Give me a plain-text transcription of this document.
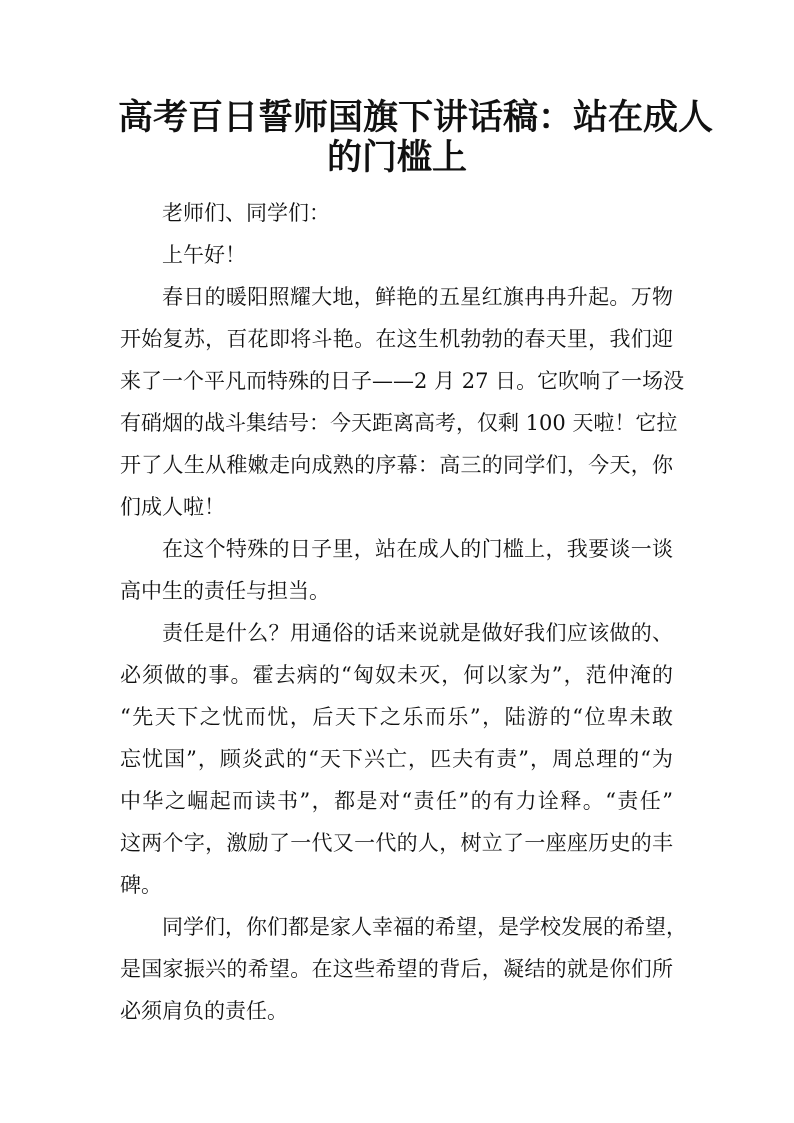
高考百日誓师国旗下讲话稿：站在成人
的门槛上
老师们、同学们：
上午好！
春日的暖阳照耀大地，鲜艳的五星红旗冉冉升起。万物
开始复苏，百花即将斗艳。在这生机勃勃的春天里，我们迎
来了一个平凡而特殊的日子——2 月 27 日。它吹响了一场没
有硝烟的战斗集结号：今天距离高考，仅剩 100 天啦！它拉
开了人生从稚嫩走向成熟的序幕：高三的同学们，今天，你
们成人啦！
在这个特殊的日子里，站在成人的门槛上，我要谈一谈
高中生的责任与担当。
责任是什么？用通俗的话来说就是做好我们应该做的、
必须做的事。霍去病的“匈奴未灭，何以家为”，范仲淹的
“先天下之忧而忧，后天下之乐而乐”，陆游的“位卑未敢
忘忧国”，顾炎武的“天下兴亡，匹夫有责”，周总理的“为
中华之崛起而读书”，都是对“责任”的有力诠释。“责任”
这两个字，激励了一代又一代的人，树立了一座座历史的丰
碑。
同学们，你们都是家人幸福的希望，是学校发展的希望，
是国家振兴的希望。在这些希望的背后，凝结的就是你们所
必须肩负的责任。
